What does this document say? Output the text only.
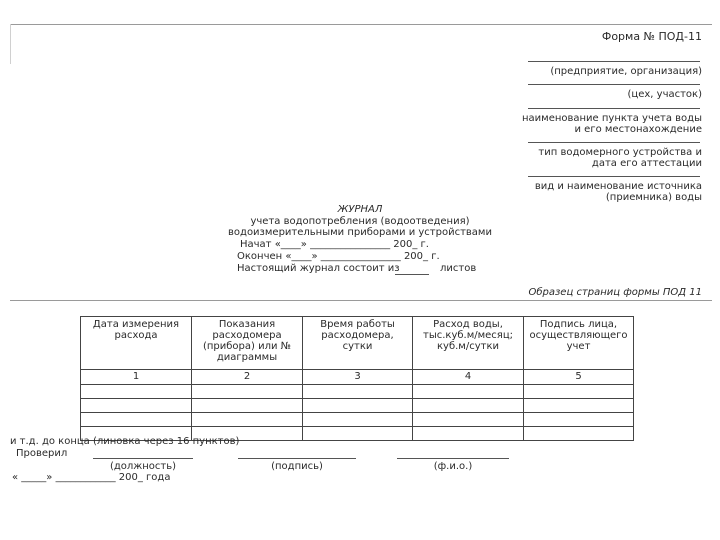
Форма № ПОД-11
(предприятие, организация)
(цех, участок)
наименование пункта учета воды
и его местонахождение
тип водомерного устройства и
дата его аттестации
вид и наименование источника
(приемника) воды
ЖУРНАЛ
учета водопотребления (водоотведения)
водоизмерительными приборами и устройствами
Начат «____» ________________ 200_ г.
Окончен «____» ________________ 200_ г.
Настоящий журнал состоит из	листов
Образец страниц формы ПОД 11
Дата измерения расхода	Показания расходомера (прибора) или № диаграммы	Время работы расходомера, сутки	Расход воды, тыс.куб.м/месяц; куб.м/сутки	Подпись лица, осуществляющего учет
1	2	3	4	5

и т.д. до конца (линовка через 16 пунктов)
Проверил
(должность)	(подпись)	(ф.и.о.)
« _____» ____________ 200_ года
